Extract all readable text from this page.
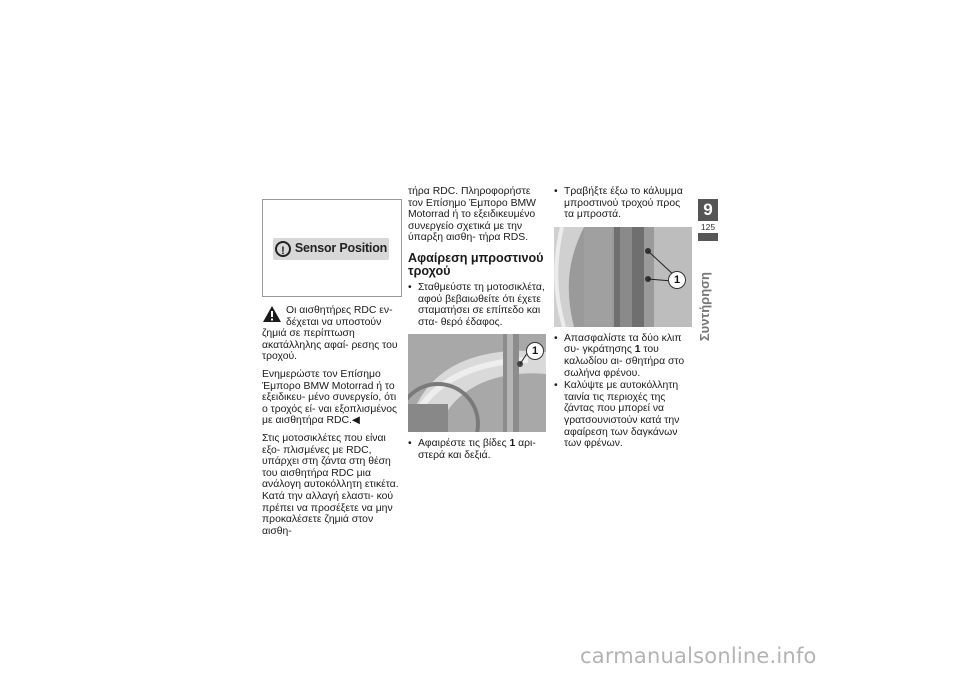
! Sensor Position

Οι αισθητήρες RDC εν- δέχεται να υποστούν ζημιά σε περίπτωση ακατάλληλης αφαί- ρεσης του τροχού.

Ενημερώστε τον Επίσημο Έμπορο BMW Motorrad ή το εξειδικευ- μένο συνεργείο, ότι ο τροχός εί- ναι εξοπλισμένος με αισθητήρα RDC.◀

Στις μοτοσικλέτες που είναι εξο- πλισμένες με RDC, υπάρχει στη ζάντα στη θέση του αισθητήρα RDC μια ανάλογη αυτοκόλλητη ετικέτα. Κατά την αλλαγή ελαστι- κού πρέπει να προσέξετε να μην προκαλέσετε ζημιά στον αισθη-

τήρα RDC. Πληροφορήστε τον Επίσημο Έμπορο BMW Motorrad ή το εξειδικευμένο συνεργείο σχετικά με την ύπαρξη αισθη- τήρα RDS.

Αφαίρεση μπροστινού τροχού
• Σταθμεύστε τη μοτοσικλέτα, αφού βεβαιωθείτε ότι έχετε σταματήσει σε επίπεδο και στα- θερό έδαφος.
1
• Αφαιρέστε τις βίδες 1 αρι- στερά και δεξιά.
• Τραβήξτε έξω το κάλυμμα μπροστινού τροχού προς τα μπροστά.
1
• Απασφαλίστε τα δύο κλιπ συ- γκράτησης 1 του καλωδίου αι- σθητήρα στο σωλήνα φρένου.
• Καλύψτε με αυτοκόλλητη ταινία τις περιοχές της ζάντας που μπορεί να γρατσουνιστούν κατά την αφαίρεση των δαγκάνων των φρένων.
9
125
Συντήρηση
carmanualsonline.info
